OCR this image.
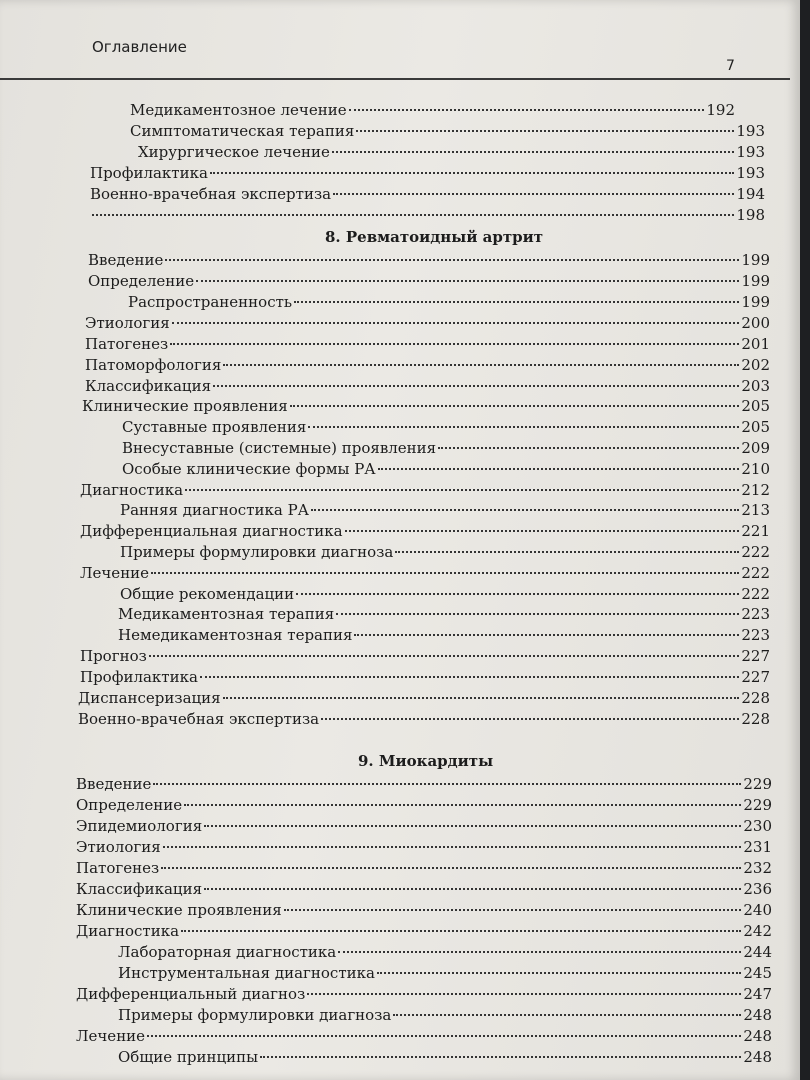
Оглавление
7
Медикаментозное лечение	192
Симптоматическая терапия	193
Хирургическое лечение	193
Профилактика	193
Военно-врачебная экспертиза	194
198
8. Ревматоидный артрит
Введение	199
Определение	199
Распространенность	199
Этиология	200
Патогенез	201
Патоморфология	202
Классификация	203
Клинические проявления	205
Суставные проявления	205
Внесуставные (системные) проявления	209
Особые клинические формы РА	210
Диагностика	212
Ранняя диагностика РА	213
Дифференциальная диагностика	221
Примеры формулировки диагноза	222
Лечение	222
Общие рекомендации	222
Медикаментозная терапия	223
Немедикаментозная терапия	223
Прогноз	227
Профилактика	227
Диспансеризация	228
Военно-врачебная экспертиза	228
9. Миокардиты
Введение	229
Определение	229
Эпидемиология	230
Этиология	231
Патогенез	232
Классификация	236
Клинические проявления	240
Диагностика	242
Лабораторная диагностика	244
Инструментальная диагностика	245
Дифференциальный диагноз	247
Примеры формулировки диагноза	248
Лечение	248
Общие принципы	248
